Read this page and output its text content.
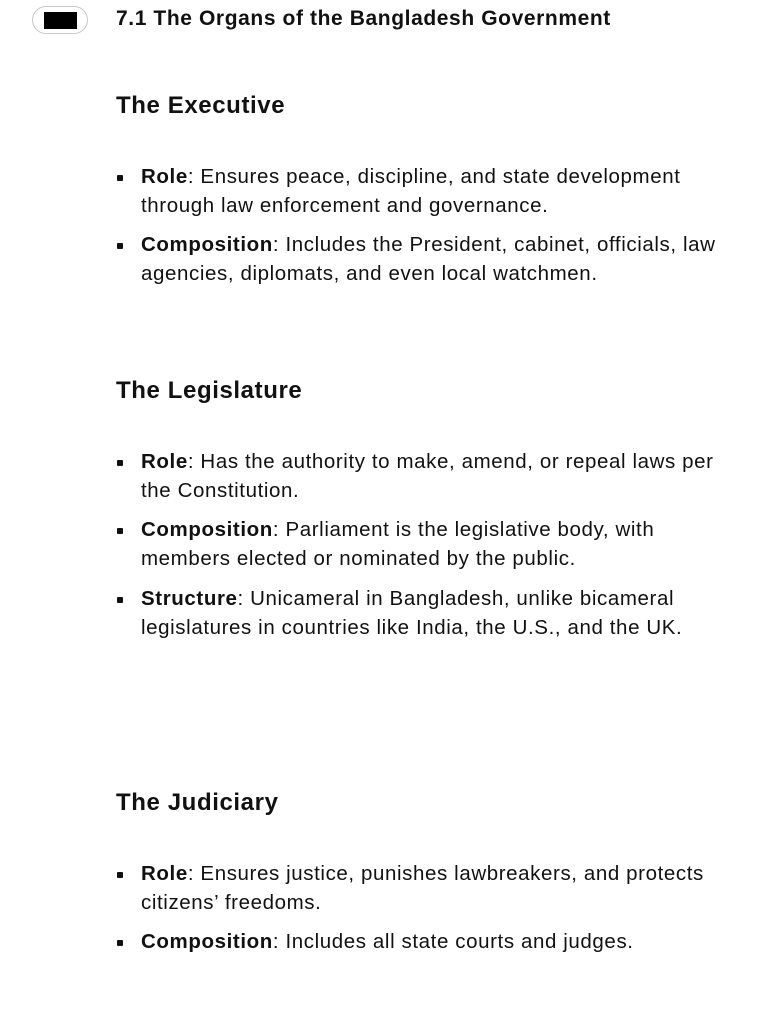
7.1 The Organs of the Bangladesh Government
The Executive
Role: Ensures peace, discipline, and state development through law enforcement and governance.
Composition: Includes the President, cabinet, officials, law agencies, diplomats, and even local watchmen.
The Legislature
Role: Has the authority to make, amend, or repeal laws per the Constitution.
Composition: Parliament is the legislative body, with members elected or nominated by the public.
Structure: Unicameral in Bangladesh, unlike bicameral legislatures in countries like India, the U.S., and the UK.
The Judiciary
Role: Ensures justice, punishes lawbreakers, and protects citizens’ freedoms.
Composition: Includes all state courts and judges.
